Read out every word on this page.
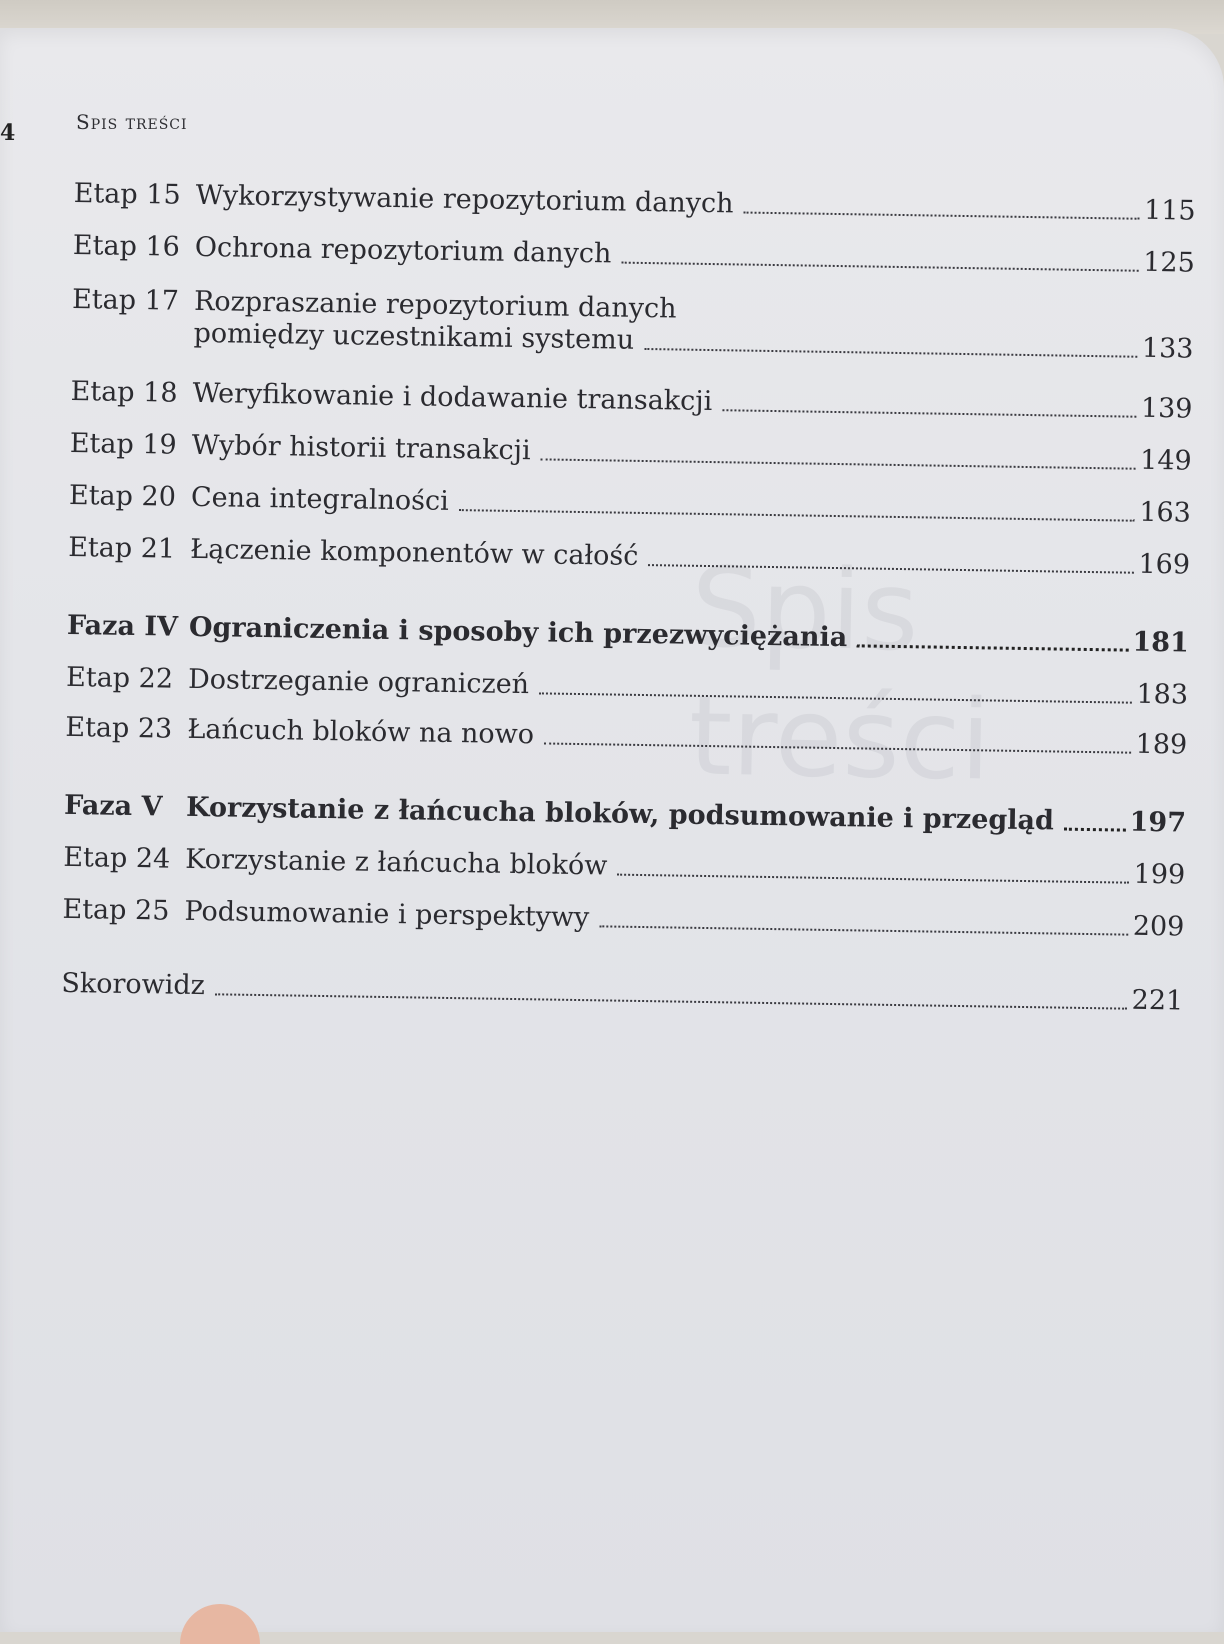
Spis treści
4	Spis treści
Etap 15 Wykorzystywanie repozytorium danych	115
Etap 16 Ochrona repozytorium danych	125
Etap 17 Rozpraszanie repozytorium danych
pomiędzy uczestnikami systemu	133
Etap 18 Weryfikowanie i dodawanie transakcji	139
Etap 19 Wybór historii transakcji	149
Etap 20 Cena integralności	163
Etap 21 Łączenie komponentów w całość	169
Faza IV Ograniczenia i sposoby ich przezwyciężania	181
Etap 22 Dostrzeganie ograniczeń	183
Etap 23 Łańcuch bloków na nowo	189
Faza V Korzystanie z łańcucha bloków, podsumowanie i przegląd	197
Etap 24 Korzystanie z łańcucha bloków	199
Etap 25 Podsumowanie i perspektywy	209
Skorowidz	221
